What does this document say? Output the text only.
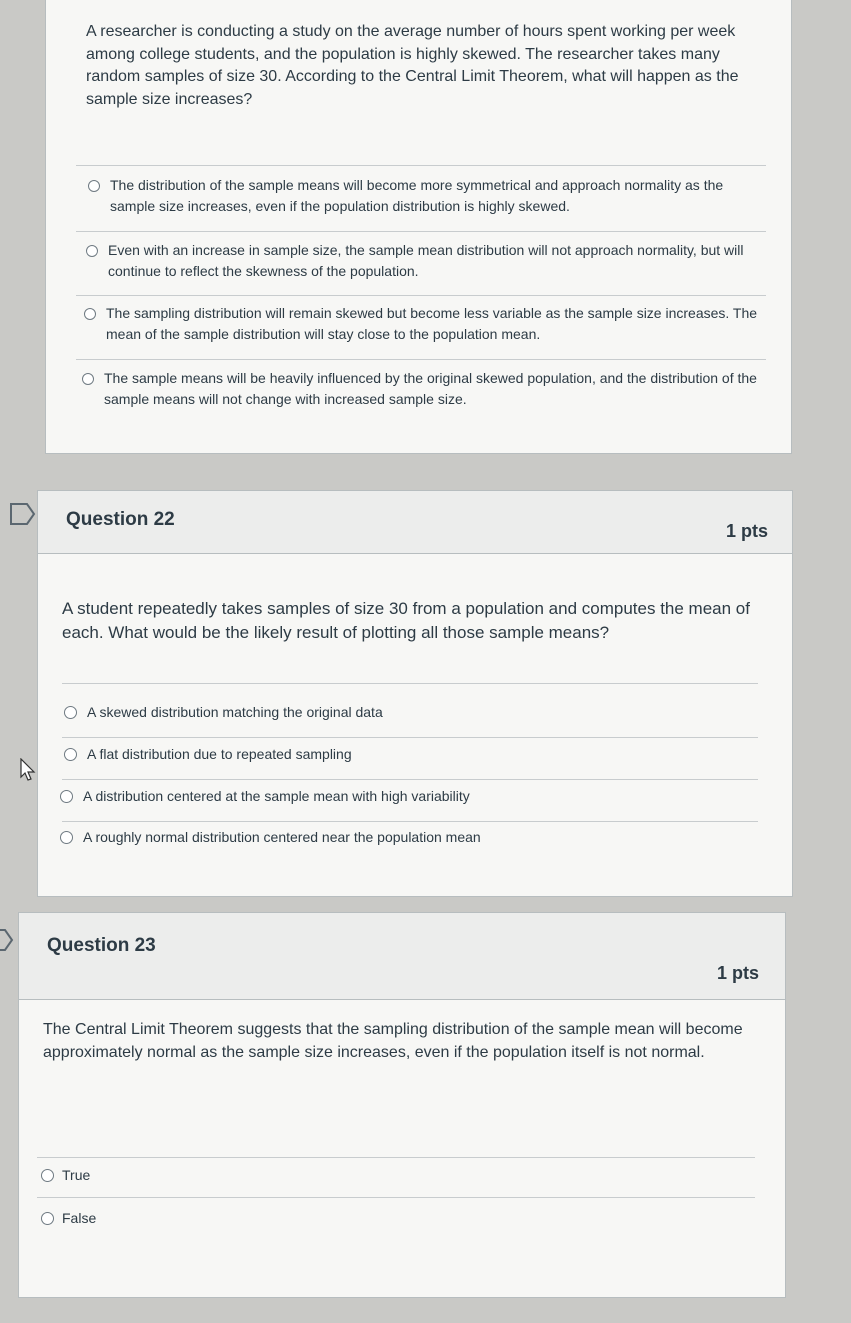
A researcher is conducting a study on the average number of hours spent working per week among college students, and the population is highly skewed. The researcher takes many random samples of size 30. According to the Central Limit Theorem, what will happen as the sample size increases?
The distribution of the sample means will become more symmetrical and approach normality as the sample size increases, even if the population distribution is highly skewed.
Even with an increase in sample size, the sample mean distribution will not approach normality, but will continue to reflect the skewness of the population.
The sampling distribution will remain skewed but become less variable as the sample size increases. The mean of the sample distribution will stay close to the population mean.
The sample means will be heavily influenced by the original skewed population, and the distribution of the sample means will not change with increased sample size.
Question 22
1 pts
A student repeatedly takes samples of size 30 from a population and computes the mean of each. What would be the likely result of plotting all those sample means?
A skewed distribution matching the original data
A flat distribution due to repeated sampling
A distribution centered at the sample mean with high variability
A roughly normal distribution centered near the population mean
Question 23
1 pts
The Central Limit Theorem suggests that the sampling distribution of the sample mean will become approximately normal as the sample size increases, even if the population itself is not normal.
True
False
